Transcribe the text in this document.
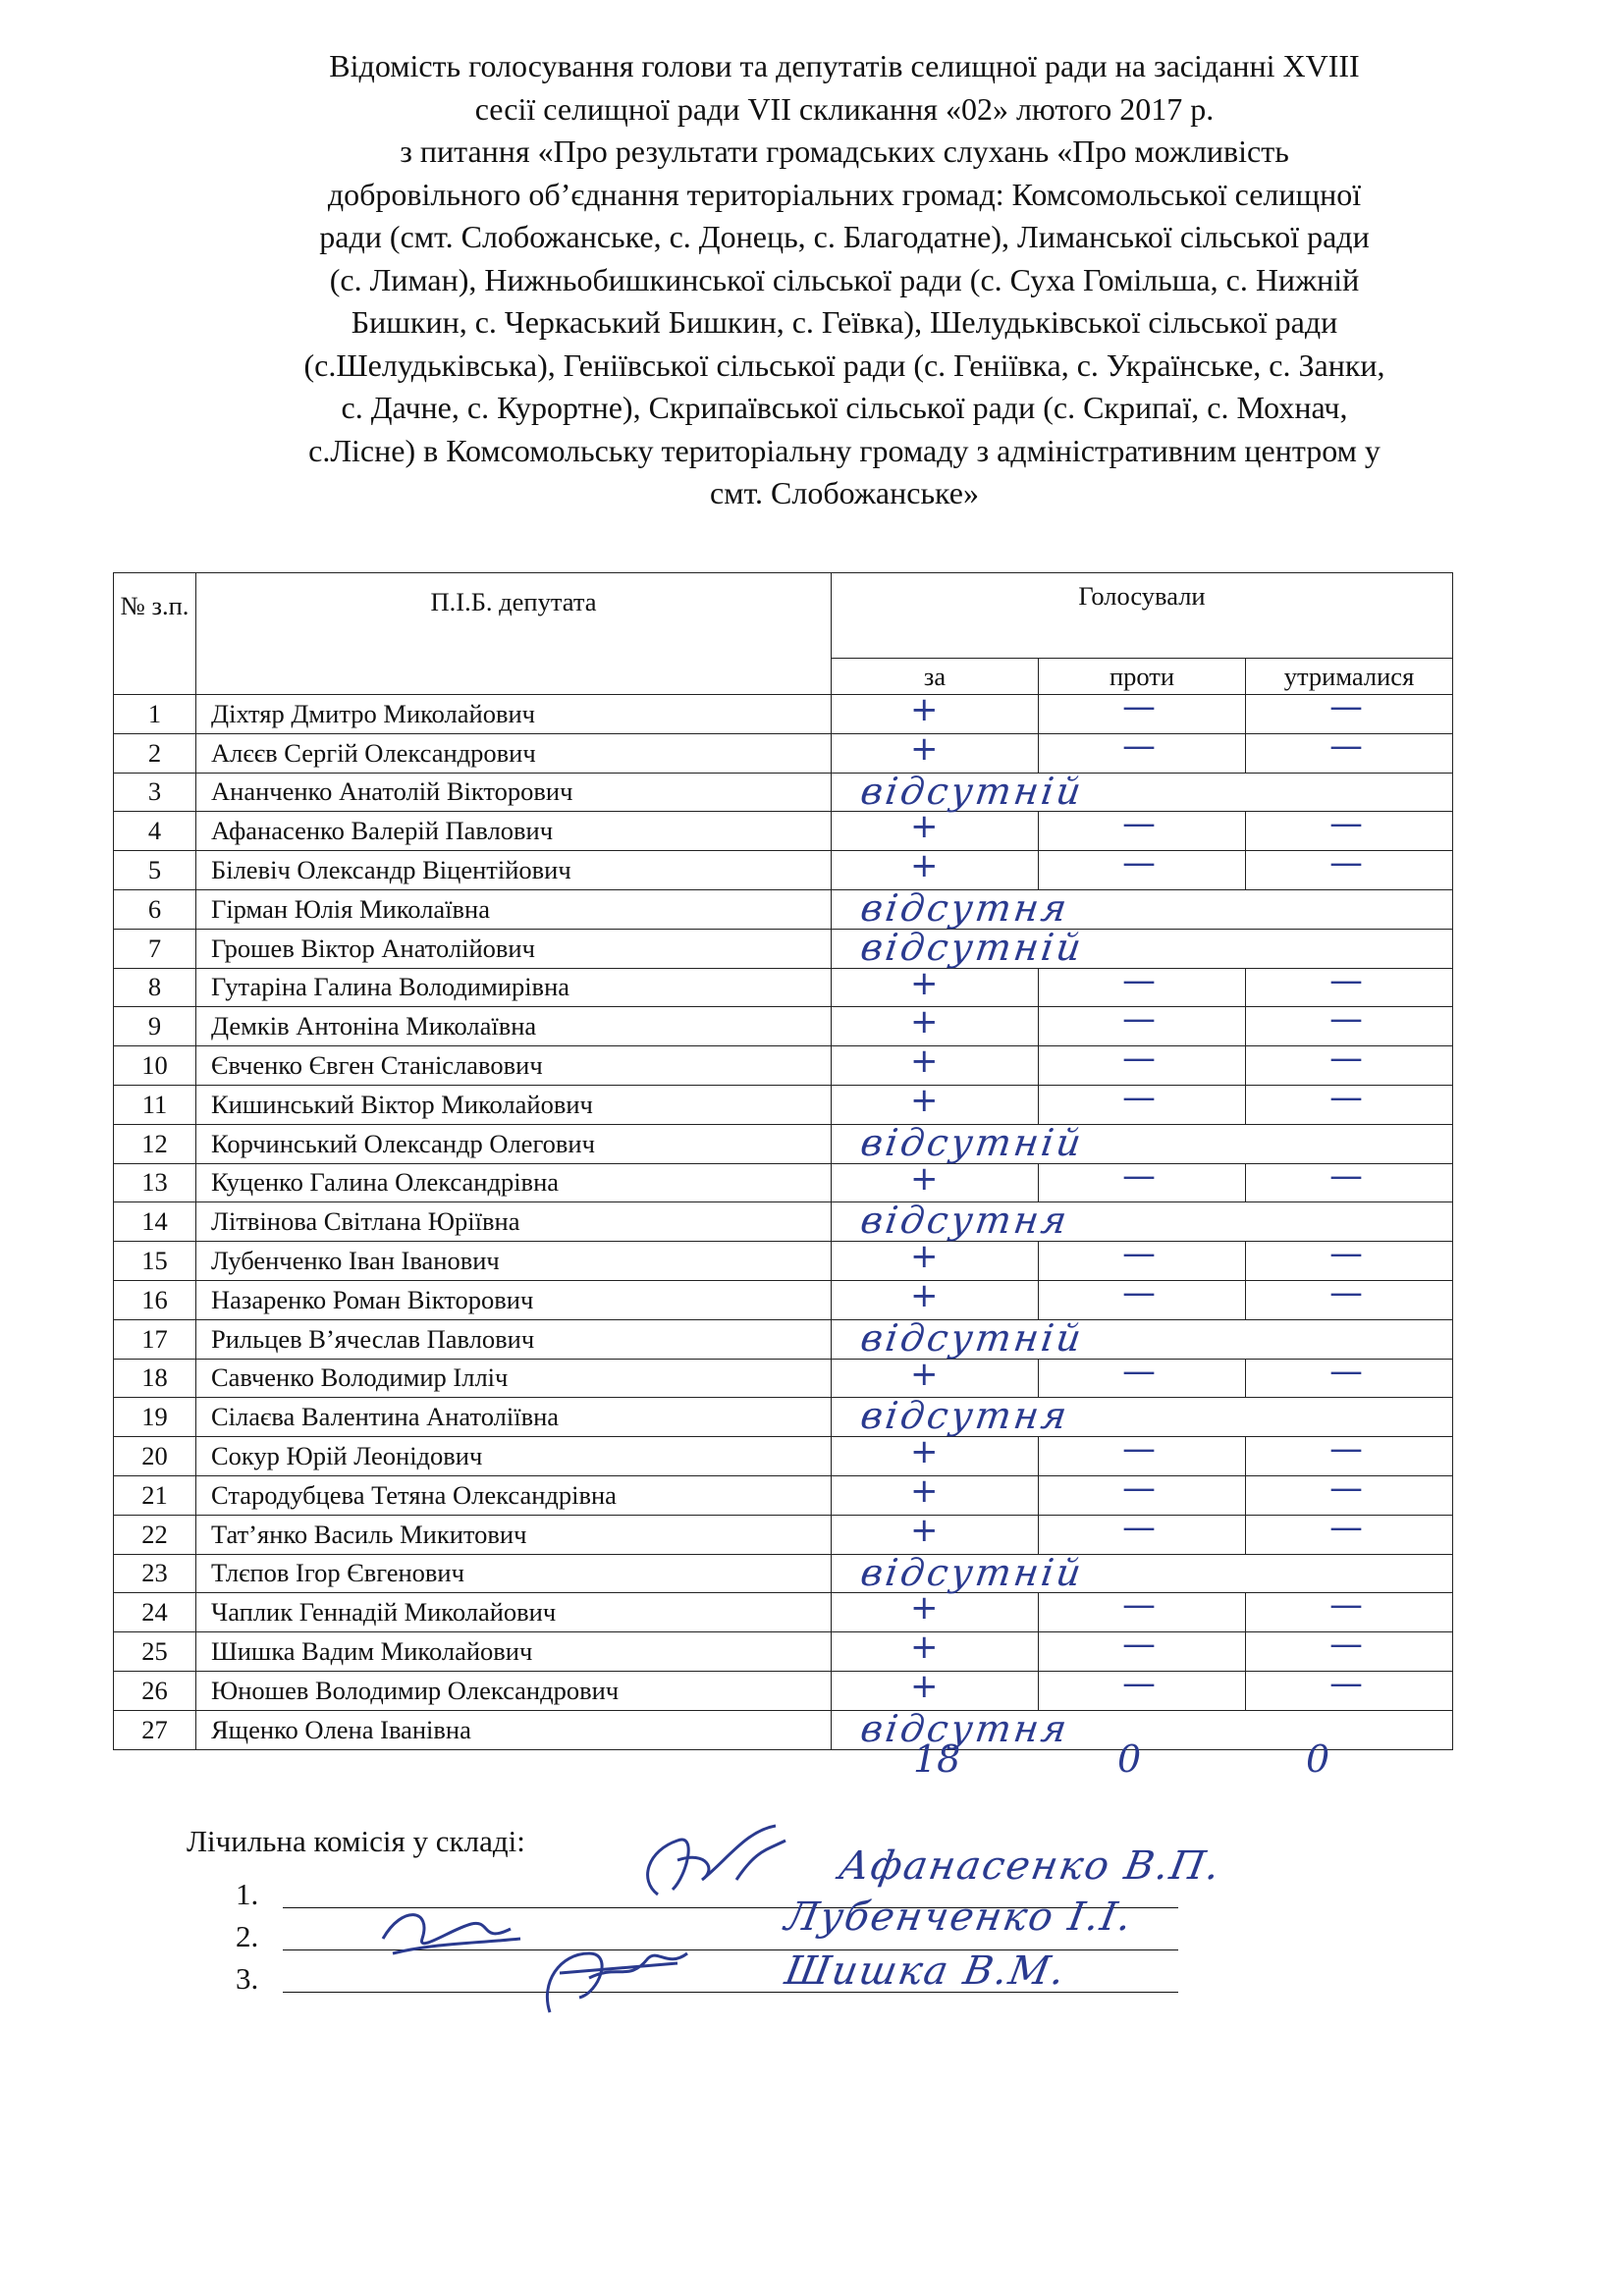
Відомість голосування голови та депутатів селищної ради на засіданні XVIII

сесії селищної ради VII скликання «02» лютого 2017 р.

з питання «Про результати громадських слухань «Про можливість

добровільного об’єднання територіальних громад: Комсомольської селищної

ради (смт. Слобожанське, с. Донець, с. Благодатне), Лиманської сільської ради

(с. Лиман), Нижньобишкинської сільської ради (с. Суха Гомільша, с. Нижній

Бишкин, с. Черкаський Бишкин, с. Геївка), Шелудьківської сільської ради

(с.Шелудьківська), Геніївської сільської ради (с. Геніївка, с. Українське, с. Занки,

с. Дачне, с. Курортне), Скрипаївської сільської ради (с. Скрипаї, с. Мохнач,

с.Лісне) в Комсомольську територіальну громаду з адміністративним центром у

смт. Слобожанське»

№ з.п.	П.І.Б. депутата	Голосували		
		за	проти	утрималися
1	Діхтяр Дмитро Миколайович	+	—	—

2	Алєєв Сергій Олександрович	+	—	—

3	Ананченко Анатолій Вікторович	відсутній		

4	Афанасенко Валерій Павлович	+	—	—

5	Білевіч Олександр Віцентійович	+	—	—

6	Гірман Юлія Миколаївна	відсутня		

7	Грошев Віктор Анатолійович	відсутній		

8	Гутаріна Галина Володимирівна	+	—	—

9	Демків Антоніна Миколаївна	+	—	—

10	Євченко Євген Станіславович	+	—	—

11	Кишинський Віктор Миколайович	+	—	—

12	Корчинський Олександр Олегович	відсутній		

13	Куценко Галина Олександрівна	+	—	—

14	Літвінова Світлана Юріївна	відсутня		

15	Лубенченко Іван Іванович	+	—	—

16	Назаренко Роман Вікторович	+	—	—

17	Рильцев В’ячеслав Павлович	відсутній		

18	Савченко Володимир Ілліч	+	—	—

19	Сілаєва Валентина Анатоліївна	відсутня		

20	Сокур Юрій Леонідович	+	—	—

21	Стародубцева Тетяна Олександрівна	+	—	—

22	Тат’янко Василь Микитович	+	—	—

23	Тлєпов Ігор Євгенович	відсутній		

24	Чаплик Геннадій Миколайович	+	—	—

25	Шишка Вадим Миколайович	+	—	—

26	Юношев Володимир Олександрович	+	—	—

27	Ященко Олена Іванівна	відсутня		
18	0	0
Лічильна комісія у складі:
1.
2.
3.
Афанасенко В.П.
Лубенченко І.І.
Шишка В.М.
